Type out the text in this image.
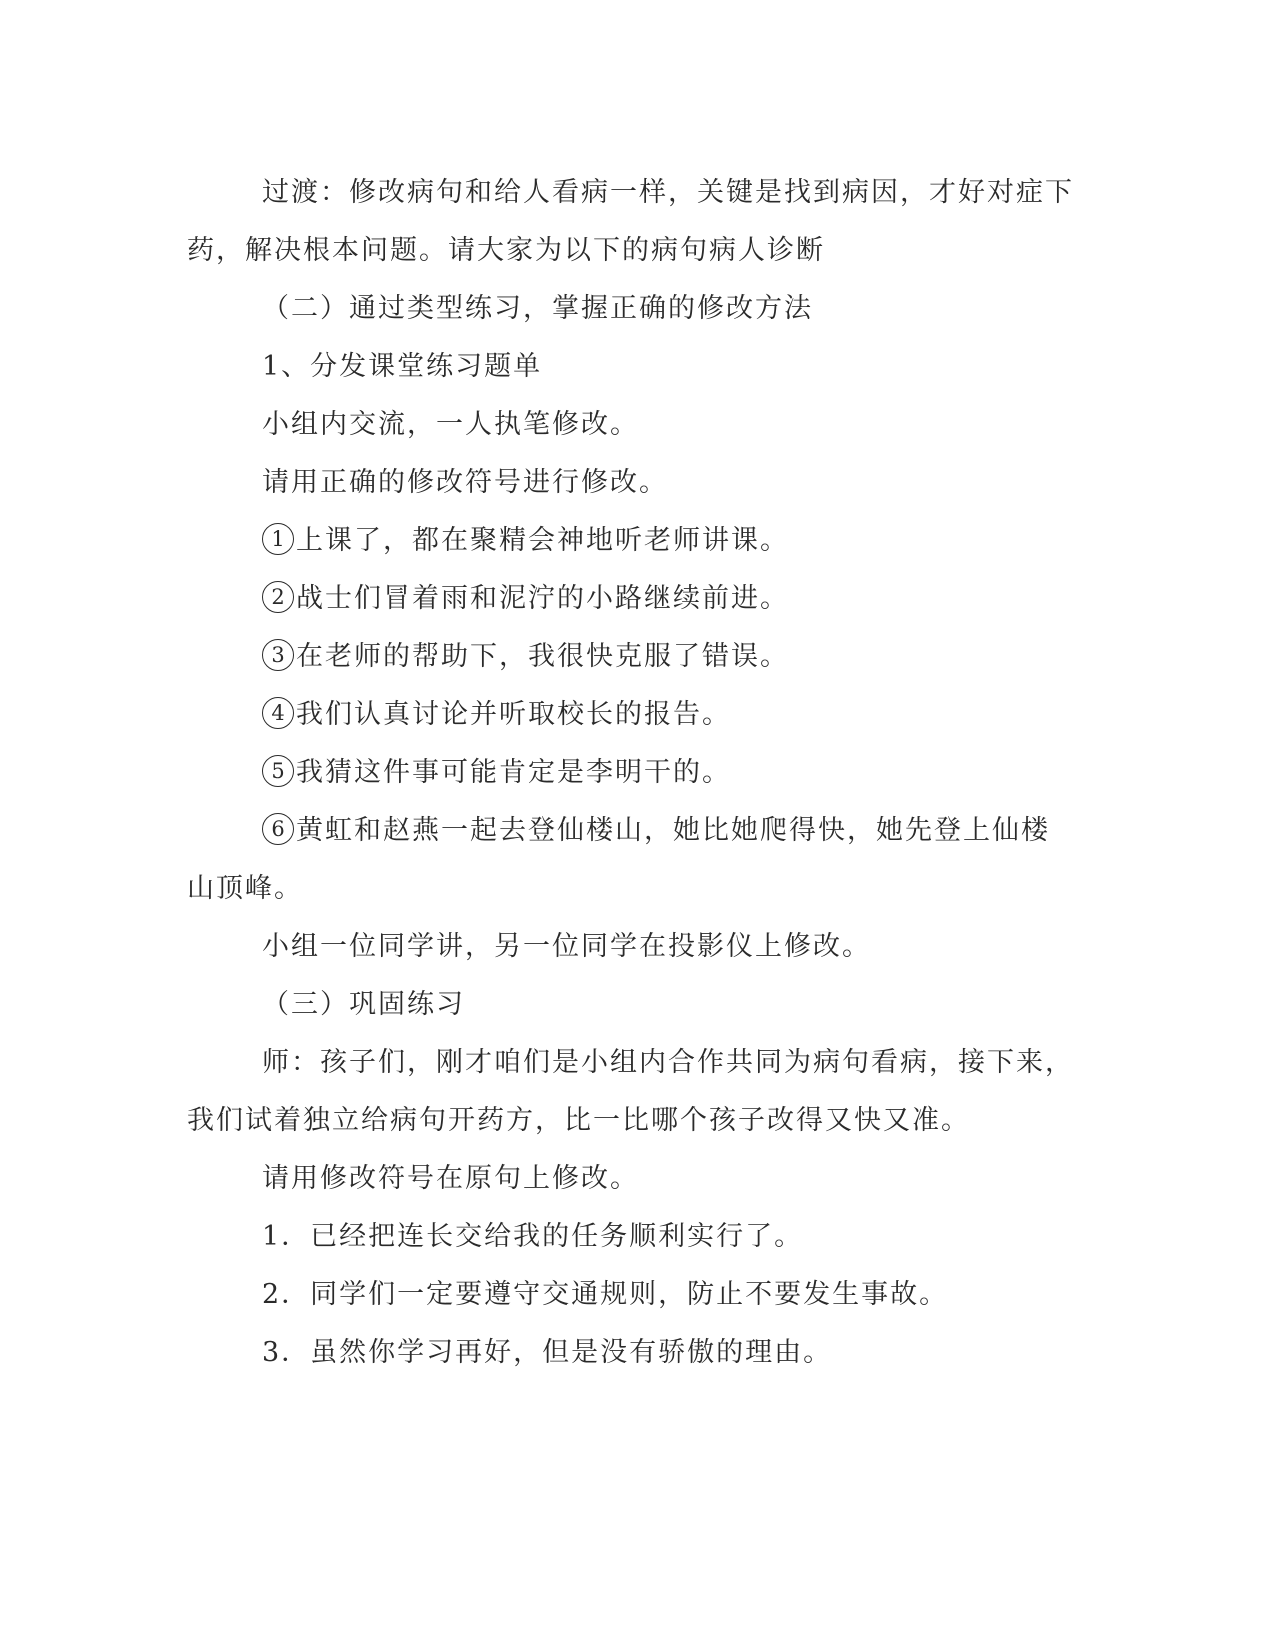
过渡：修改病句和给人看病一样，关键是找到病因，才好对症下药，解决根本问题。请大家为以下的病句病人诊断

（二）通过类型练习，掌握正确的修改方法

1、分发课堂练习题单

小组内交流，一人执笔修改。

请用正确的修改符号进行修改。

1 上课了，都在聚精会神地听老师讲课。

2 战士们冒着雨和泥泞的小路继续前进。

3 在老师的帮助下，我很快克服了错误。

4 我们认真讨论并听取校长的报告。

5 我猜这件事可能肯定是李明干的。

6 黄虹和赵燕一起去登仙楼山，她比她爬得快，她先登上仙楼山顶峰。

小组一位同学讲，另一位同学在投影仪上修改。

（三）巩固练习

师：孩子们，刚才咱们是小组内合作共同为病句看病，接下来，我们试着独立给病句开药方，比一比哪个孩子改得又快又准。

请用修改符号在原句上修改。

1．已经把连长交给我的任务顺利实行了。

2．同学们一定要遵守交通规则，防止不要发生事故。

3．虽然你学习再好，但是没有骄傲的理由。
